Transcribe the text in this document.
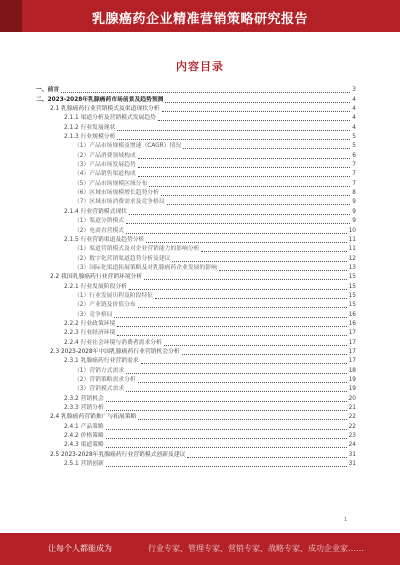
乳腺癌药企业精准营销策略研究报告
内容目录
一、前言	3
二、2023-2028年乳腺癌药市场前景及趋势预测	4
2.1 乳腺癌药行业营销模式及渠道现状分析	4
2.1.1 渠道分析及营销模式发展趋势	4
2.1.2 行业发展现状	4
2.1.3 行业规模分析	5
（1）产品市场规模及增速（CAGR）情况	5
（2）产品消费领域构成	6
（3）产品市场发展趋势	7
（4）产品销售渠道构成	7
（5）产品市场规模区域分布	7
（6）区域市场规模增长趋势分析	8
（7）区域市场消费需求及竞争格局	9
2.1.4 行业营销模式现状	9
（1）渠道分销模式	9
（2）电商直营模式	10
2.1.5 行业营销渠道及趋势分析	11
（1）渠道营销模式及对企业营销能力的影响分析	11
（2）数字化营销渠道趋势分析及建议	12
（3）国际化渠道拓展策略及对乳腺癌药企业发展的影响	13
2.2 我国乳腺癌药行业营销环境分析	15
2.2.1 行业发展阶段分析	15
（1）行业发展历程及阶段特征	15
（2）产业链及价值分布	15
（3）竞争格局	16
2.2.2 行业政策环境	16
2.2.3 行业经济环境	17
2.2.4 行业社会环境与消费者需求分析	17
2.3 2023-2028年中国乳腺癌药行业营销机会分析	17
2.3.1 乳腺癌药行业营销需求	17
（1）营销方式需求	18
（2）营销策略需求分析	19
（3）营销模式需求	19
2.3.2 营销机会	20
2.3.3 营销分析	21
2.4 乳腺癌药营销推广与拓展策略	22
2.4.1 产品策略	22
2.4.2 价格策略	23
2.4.3 渠道策略	24
2.5 2023-2028年乳腺癌药行业营销模式创新及建议	31
2.5.1 营销创新	31
1
让每个人都能成为	行业专家、管理专家、营销专家、战略专家、成功企业家……
